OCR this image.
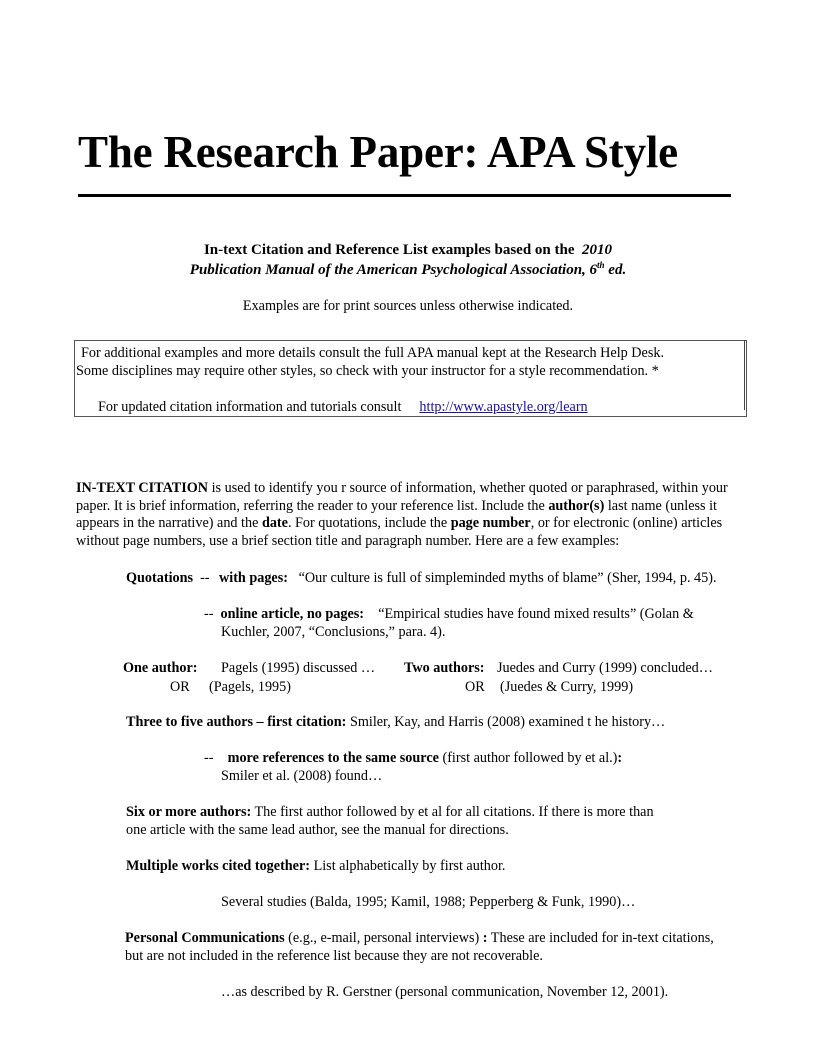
The Research Paper: APA Style
In-text Citation and Reference List examples based on the 2010
Publication Manual of the American Psychological Association, 6th ed.
Examples are for print sources unless otherwise indicated.
For additional examples and more details consult the full APA manual kept at the Research Help Desk.
Some disciplines may require other styles, so check with your instructor for a style recommendation. *
For updated citation information and tutorials consult http://www.apastyle.org/learn
IN-TEXT CITATION is used to identify you r source of information, whether quoted or paraphrased, within your paper. It is brief information, referring the reader to your reference list. Include the author(s) last name (unless it appears in the narrative) and the date. For quotations, include the page number, or for electronic (online) articles without page numbers, use a brief section title and paragraph number. Here are a few examples:
Quotations -- with pages: “Our culture is full of simpleminded myths of blame” (Sher, 1994, p. 45).
-- online article, no pages: “Empirical studies have found mixed results” (Golan &
Kuchler, 2007, “Conclusions,” para. 4).
One author: Pagels (1995) discussed …
OR (Pagels, 1995)
Two authors: Juedes and Curry (1999) concluded…
OR (Juedes & Curry, 1999)
Three to five authors – first citation: Smiler, Kay, and Harris (2008) examined t he history…
-- more references to the same source (first author followed by et al.):
Smiler et al. (2008) found…
Six or more authors: The first author followed by et al for all citations. If there is more than
one article with the same lead author, see the manual for directions.
Multiple works cited together: List alphabetically by first author.
Several studies (Balda, 1995; Kamil, 1988; Pepperberg & Funk, 1990)…
Personal Communications (e.g., e-mail, personal interviews) : These are included for in-text citations,
but are not included in the reference list because they are not recoverable.
…as described by R. Gerstner (personal communication, November 12, 2001).
